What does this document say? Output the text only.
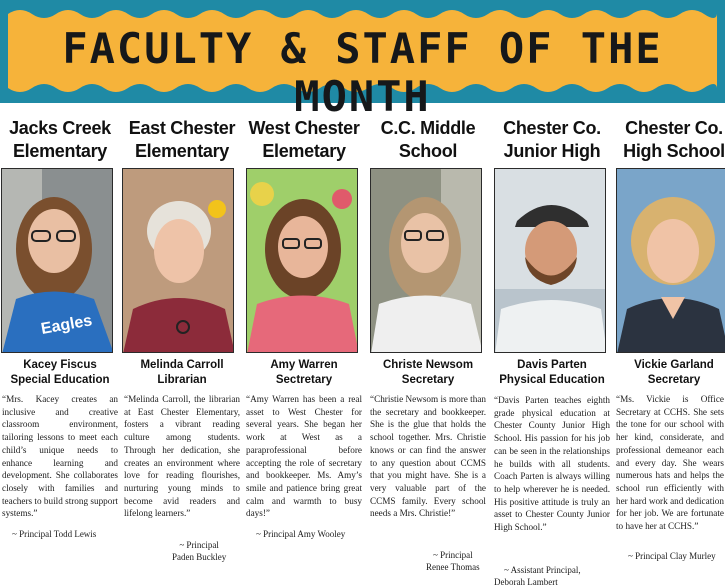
FACULTY & STAFF OF THE MONTH
Jacks Creek
Elementary
Eagles
Kacey Fiscus
Special Education
“Mrs. Kacey creates an inclusive and creative classroom environment, tailoring lessons to meet each child’s unique needs to enhance learning and development. She collaborates closely with families and teachers to build strong support systems.”
~ Principal Todd Lewis
East Chester
Elementary
Melinda Carroll
Librarian
“Melinda Carroll, the librarian at East Chester Elementary, fosters a vibrant reading culture among students. Through her dedication, she creates an environment where love for reading flourishes, nurturing young minds to become avid readers and lifelong learners.”
~ Principal
Paden Buckley
West Chester
Elemetary
Amy Warren
Sectretary
“Amy Warren has been a real asset to West Chester for several years. She began her work at West as a paraprofessional before accepting the role of secretary and bookkeeper. Ms. Amy’s smile and patience bring great calm and warmth to busy days!”
~ Principal Amy Wooley
C.C. Middle
School
Christe Newsom
Secretary
“Christie Newsom is more than the secretary and bookkeeper. She is the glue that holds the school together. Mrs. Christie knows or can find the answer to any question about CCMS that you might have. She is a very valuable part of the CCMS family. Every school needs a Mrs. Christie!”
~ Principal
Renee Thomas
Chester Co.
Junior High
Davis Parten
Physical Education
“Davis Parten teaches eighth grade physical education at Chester County Junior High School. His passion for his job can be seen in the relationships he builds with all students. Coach Parten is always willing to help wherever he is needed. His positive attitude is truly an asset to Chester County Junior High School.”
~ Assistant Principal,
Deborah Lambert
Chester Co.
High School
Vickie Garland
Secretary
“Ms. Vickie is Office Secretary at CCHS. She sets the tone for our school with her kind, considerate, and professional demeanor each and every day. She wears numerous hats and helps the school run efficiently with her hard work and dedication for her job. We are fortunate to have her at CCHS.”
~ Principal Clay Murley
